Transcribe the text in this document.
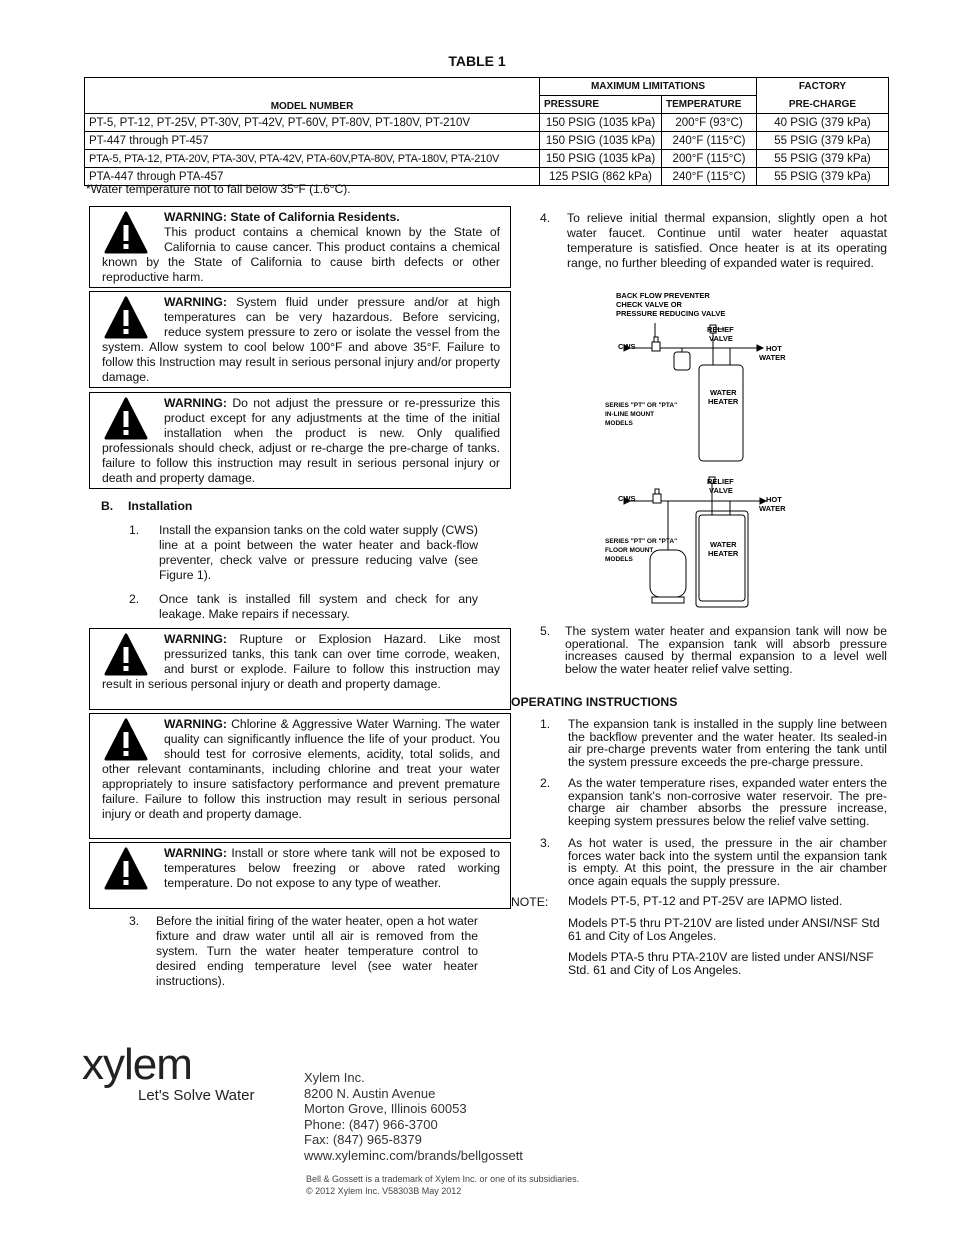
TABLE 1
MODEL NUMBER	MAXIMUM LIMITATIONS		FACTORY
	PRESSURE	TEMPERATURE	PRE-CHARGE
PT-5, PT-12, PT-25V, PT-30V, PT-42V, PT-60V, PT-80V, PT-180V, PT-210V	150 PSIG (1035 kPa)	200°F (93°C)	40 PSIG (379 kPa)
PT-447 through PT-457	150 PSIG (1035 kPa)	240°F (115°C)	55 PSIG (379 kPa)
PTA-5, PTA-12, PTA-20V, PTA-30V, PTA-42V, PTA-60V,PTA-80V, PTA-180V, PTA-210V	150 PSIG (1035 kPa)	200°F (115°C)	55 PSIG (379 kPa)
PTA-447 through PTA-457	125 PSIG (862 kPa)	240°F (115°C)	55 PSIG (379 kPa)
*Water temperature not to fall below 35°F (1.6°C).
WARNING: State of California Residents.
This product contains a chemical known by the State of California to cause cancer. This product contains a chemical known by the State of California to cause birth defects or other reproductive harm.
WARNING: System fluid under pressure and/or at high temperatures can be very hazardous. Before servicing, reduce system pressure to zero or isolate the vessel from the system. Allow system to cool below 100°F and above 35°F. Failure to follow this Instruction may result in serious personal injury and/or property damage.
WARNING: Do not adjust the pressure or re-pressurize this product except for any adjustments at the time of the initial installation when the product is new. Only qualified professionals should check, adjust or re-charge the pre-charge of tanks. failure to follow this instruction may result in serious personal injury or death and property damage.
B. Installation
1. Install the expansion tanks on the cold water supply (CWS) line at a point between the water heater and back-flow preventer, check valve or pressure reducing valve (see Figure 1).
2. Once tank is installed fill system and check for any leakage. Make repairs if necessary.
WARNING: Rupture or Explosion Hazard. Like most pressurized tanks, this tank can over time corrode, weaken, and burst or explode. Failure to follow this instruction may result in serious personal injury or death and property damage.
WARNING: Chlorine & Aggressive Water Warning. The water quality can significantly influence the life of your product. You should test for corrosive elements, acidity, total solids, and other relevant contaminants, including chlorine and treat your water appropriately to insure satisfactory performance and prevent premature failure. Failure to follow this instruction may result in serious personal injury or death and property damage.
WARNING: Install or store where tank will not be exposed to temperatures below freezing or above rated working temperature. Do not expose to any type of weather.
3. Before the initial firing of the water heater, open a hot water fixture and draw water until all air is removed from the system. Turn the water heater temperature control to desired ending temperature level (see water heater instructions).
4. To relieve initial thermal expansion, slightly open a hot water faucet. Continue until water heater aquastat temperature is satisfied. Once heater is at its operating range, no further bleeding of expanded water is required.
BACK FLOW PREVENTER
CHECK VALVE OR
PRESSURE REDUCING VALVE
RELIEF
VALVE
CWS	HOT
WATER
WATER
HEATER
SERIES "PT" OR "PTA"
IN-LINE MOUNT
MODELS
RELIEF
VALVE
CWS	HOT
WATER
WATER
HEATER
SERIES "PT" OR "PTA"
FLOOR MOUNT
MODELS
5. The system water heater and expansion tank will now be operational. The expansion tank will absorb pressure increases caused by thermal expansion to a level well below the water heater relief valve setting.
OPERATING INSTRUCTIONS
1. The expansion tank is installed in the supply line between the backflow preventer and the water heater. Its sealed-in air pre-charge prevents water from entering the tank until the system pressure exceeds the pre-charge pressure.
2. As the water temperature rises, expanded water enters the expansion tank's non-corrosive water reservoir. The pre-charge air chamber absorbs the pressure increase, keeping system pressures below the relief valve setting.
3. As hot water is used, the pressure in the air chamber forces water back into the system until the expansion tank is empty. At this point, the pressure in the air chamber once again equals the supply pressure.
NOTE: Models PT-5, PT-12 and PT-25V are IAPMO listed.
Models PT-5 thru PT-210V are listed under ANSI/NSF Std 61 and City of Los Angeles.
Models PTA-5 thru PTA-210V are listed under ANSI/NSF Std. 61 and City of Los Angeles.
xylem
Let's Solve Water
Xylem Inc.
8200 N. Austin Avenue
Morton Grove, Illinois 60053
Phone: (847) 966-3700
Fax: (847) 965-8379
www.xyleminc.com/brands/bellgossett
Bell & Gossett is a trademark of Xylem Inc. or one of its subsidiaries.
© 2012 Xylem Inc. V58303B May 2012
